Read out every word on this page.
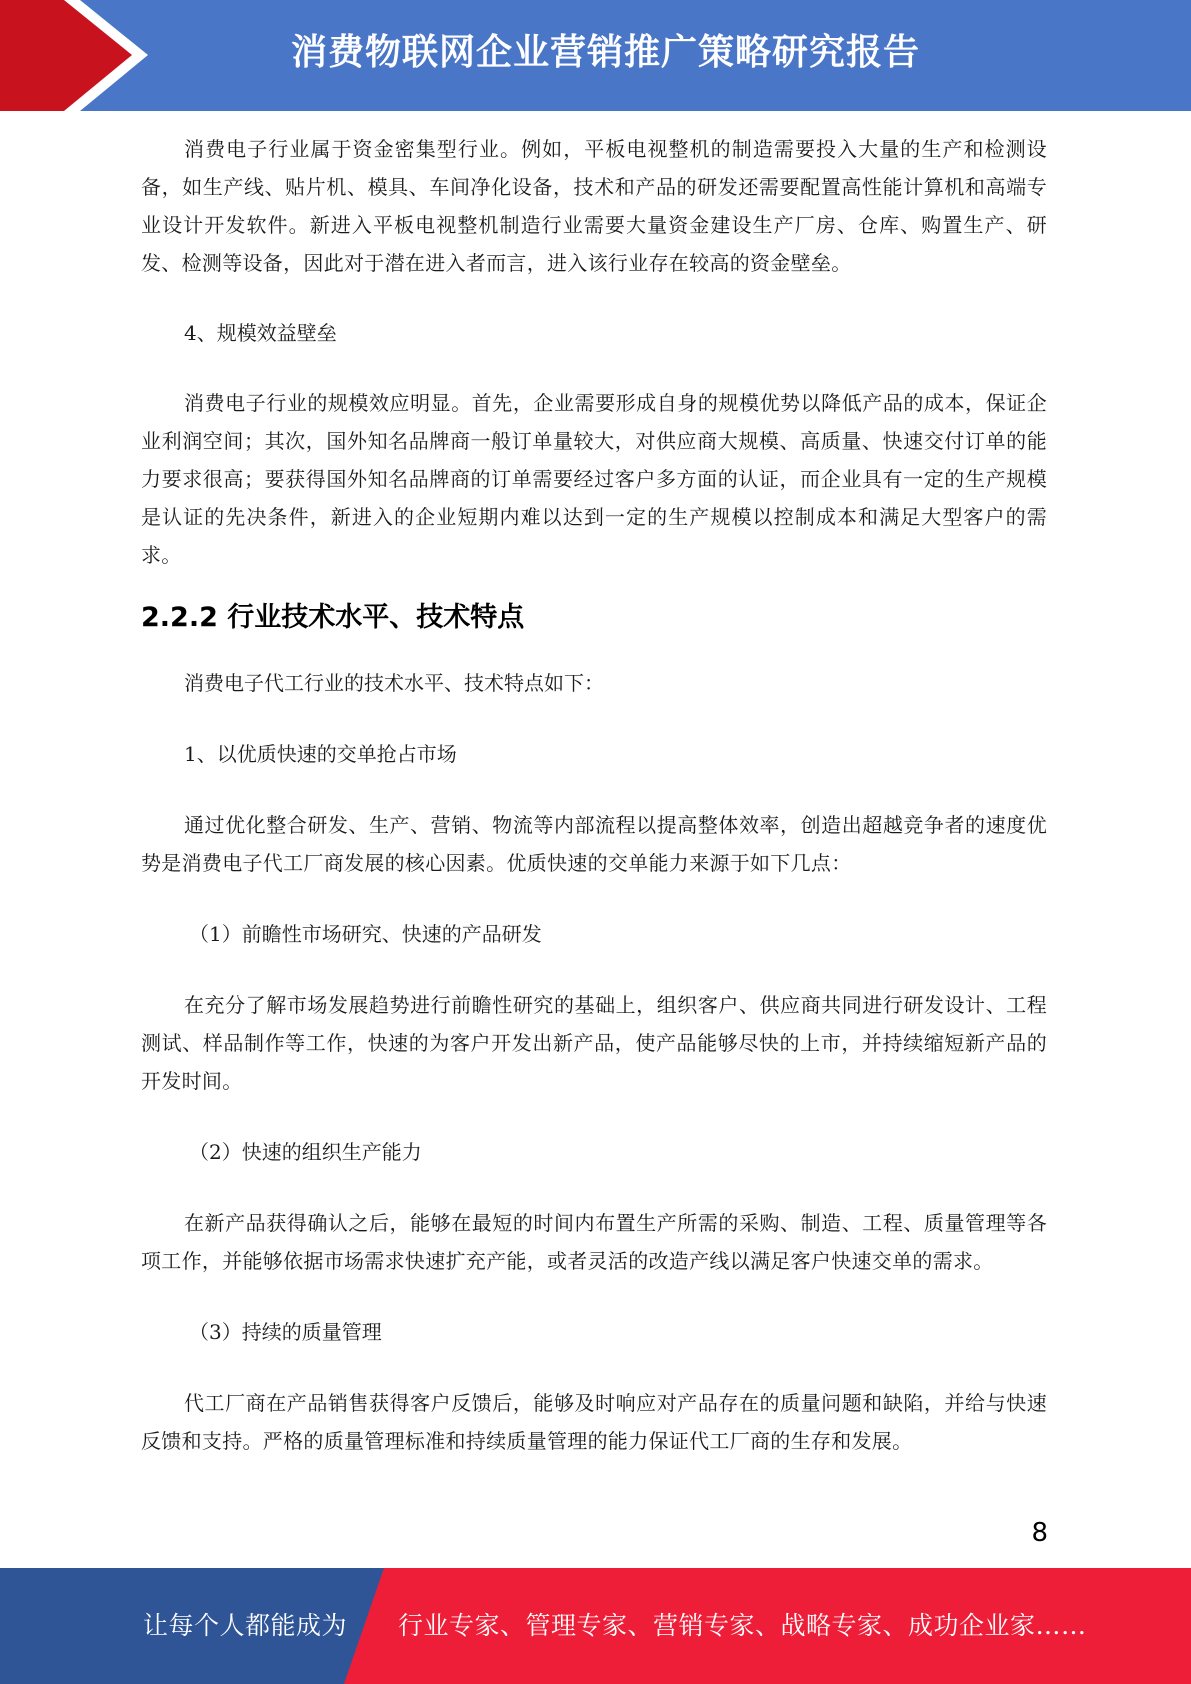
消费物联网企业营销推广策略研究报告

消费电子行业属于资金密集型行业。例如，平板电视整机的制造需要投入大量的生产和检测设备，如生产线、贴片机、模具、车间净化设备，技术和产品的研发还需要配置高性能计算机和高端专业设计开发软件。新进入平板电视整机制造行业需要大量资金建设生产厂房、仓库、购置生产、研发、检测等设备，因此对于潜在进入者而言，进入该行业存在较高的资金壁垒。

4、规模效益壁垒

消费电子行业的规模效应明显。首先，企业需要形成自身的规模优势以降低产品的成本，保证企业利润空间；其次，国外知名品牌商一般订单量较大，对供应商大规模、高质量、快速交付订单的能力要求很高；要获得国外知名品牌商的订单需要经过客户多方面的认证，而企业具有一定的生产规模是认证的先决条件，新进入的企业短期内难以达到一定的生产规模以控制成本和满足大型客户的需求。

2.2.2 行业技术水平、技术特点

消费电子代工行业的技术水平、技术特点如下：

1、以优质快速的交单抢占市场

通过优化整合研发、生产、营销、物流等内部流程以提高整体效率，创造出超越竞争者的速度优势是消费电子代工厂商发展的核心因素。优质快速的交单能力来源于如下几点：

（1）前瞻性市场研究、快速的产品研发

在充分了解市场发展趋势进行前瞻性研究的基础上，组织客户、供应商共同进行研发设计、工程测试、样品制作等工作，快速的为客户开发出新产品，使产品能够尽快的上市，并持续缩短新产品的开发时间。

（2）快速的组织生产能力

在新产品获得确认之后，能够在最短的时间内布置生产所需的采购、制造、工程、质量管理等各项工作，并能够依据市场需求快速扩充产能，或者灵活的改造产线以满足客户快速交单的需求。

（3）持续的质量管理

代工厂商在产品销售获得客户反馈后，能够及时响应对产品存在的质量问题和缺陷，并给与快速反馈和支持。严格的质量管理标准和持续质量管理的能力保证代工厂商的生存和发展。

8
让每个人都能成为 行业专家、管理专家、营销专家、战略专家、成功企业家……
